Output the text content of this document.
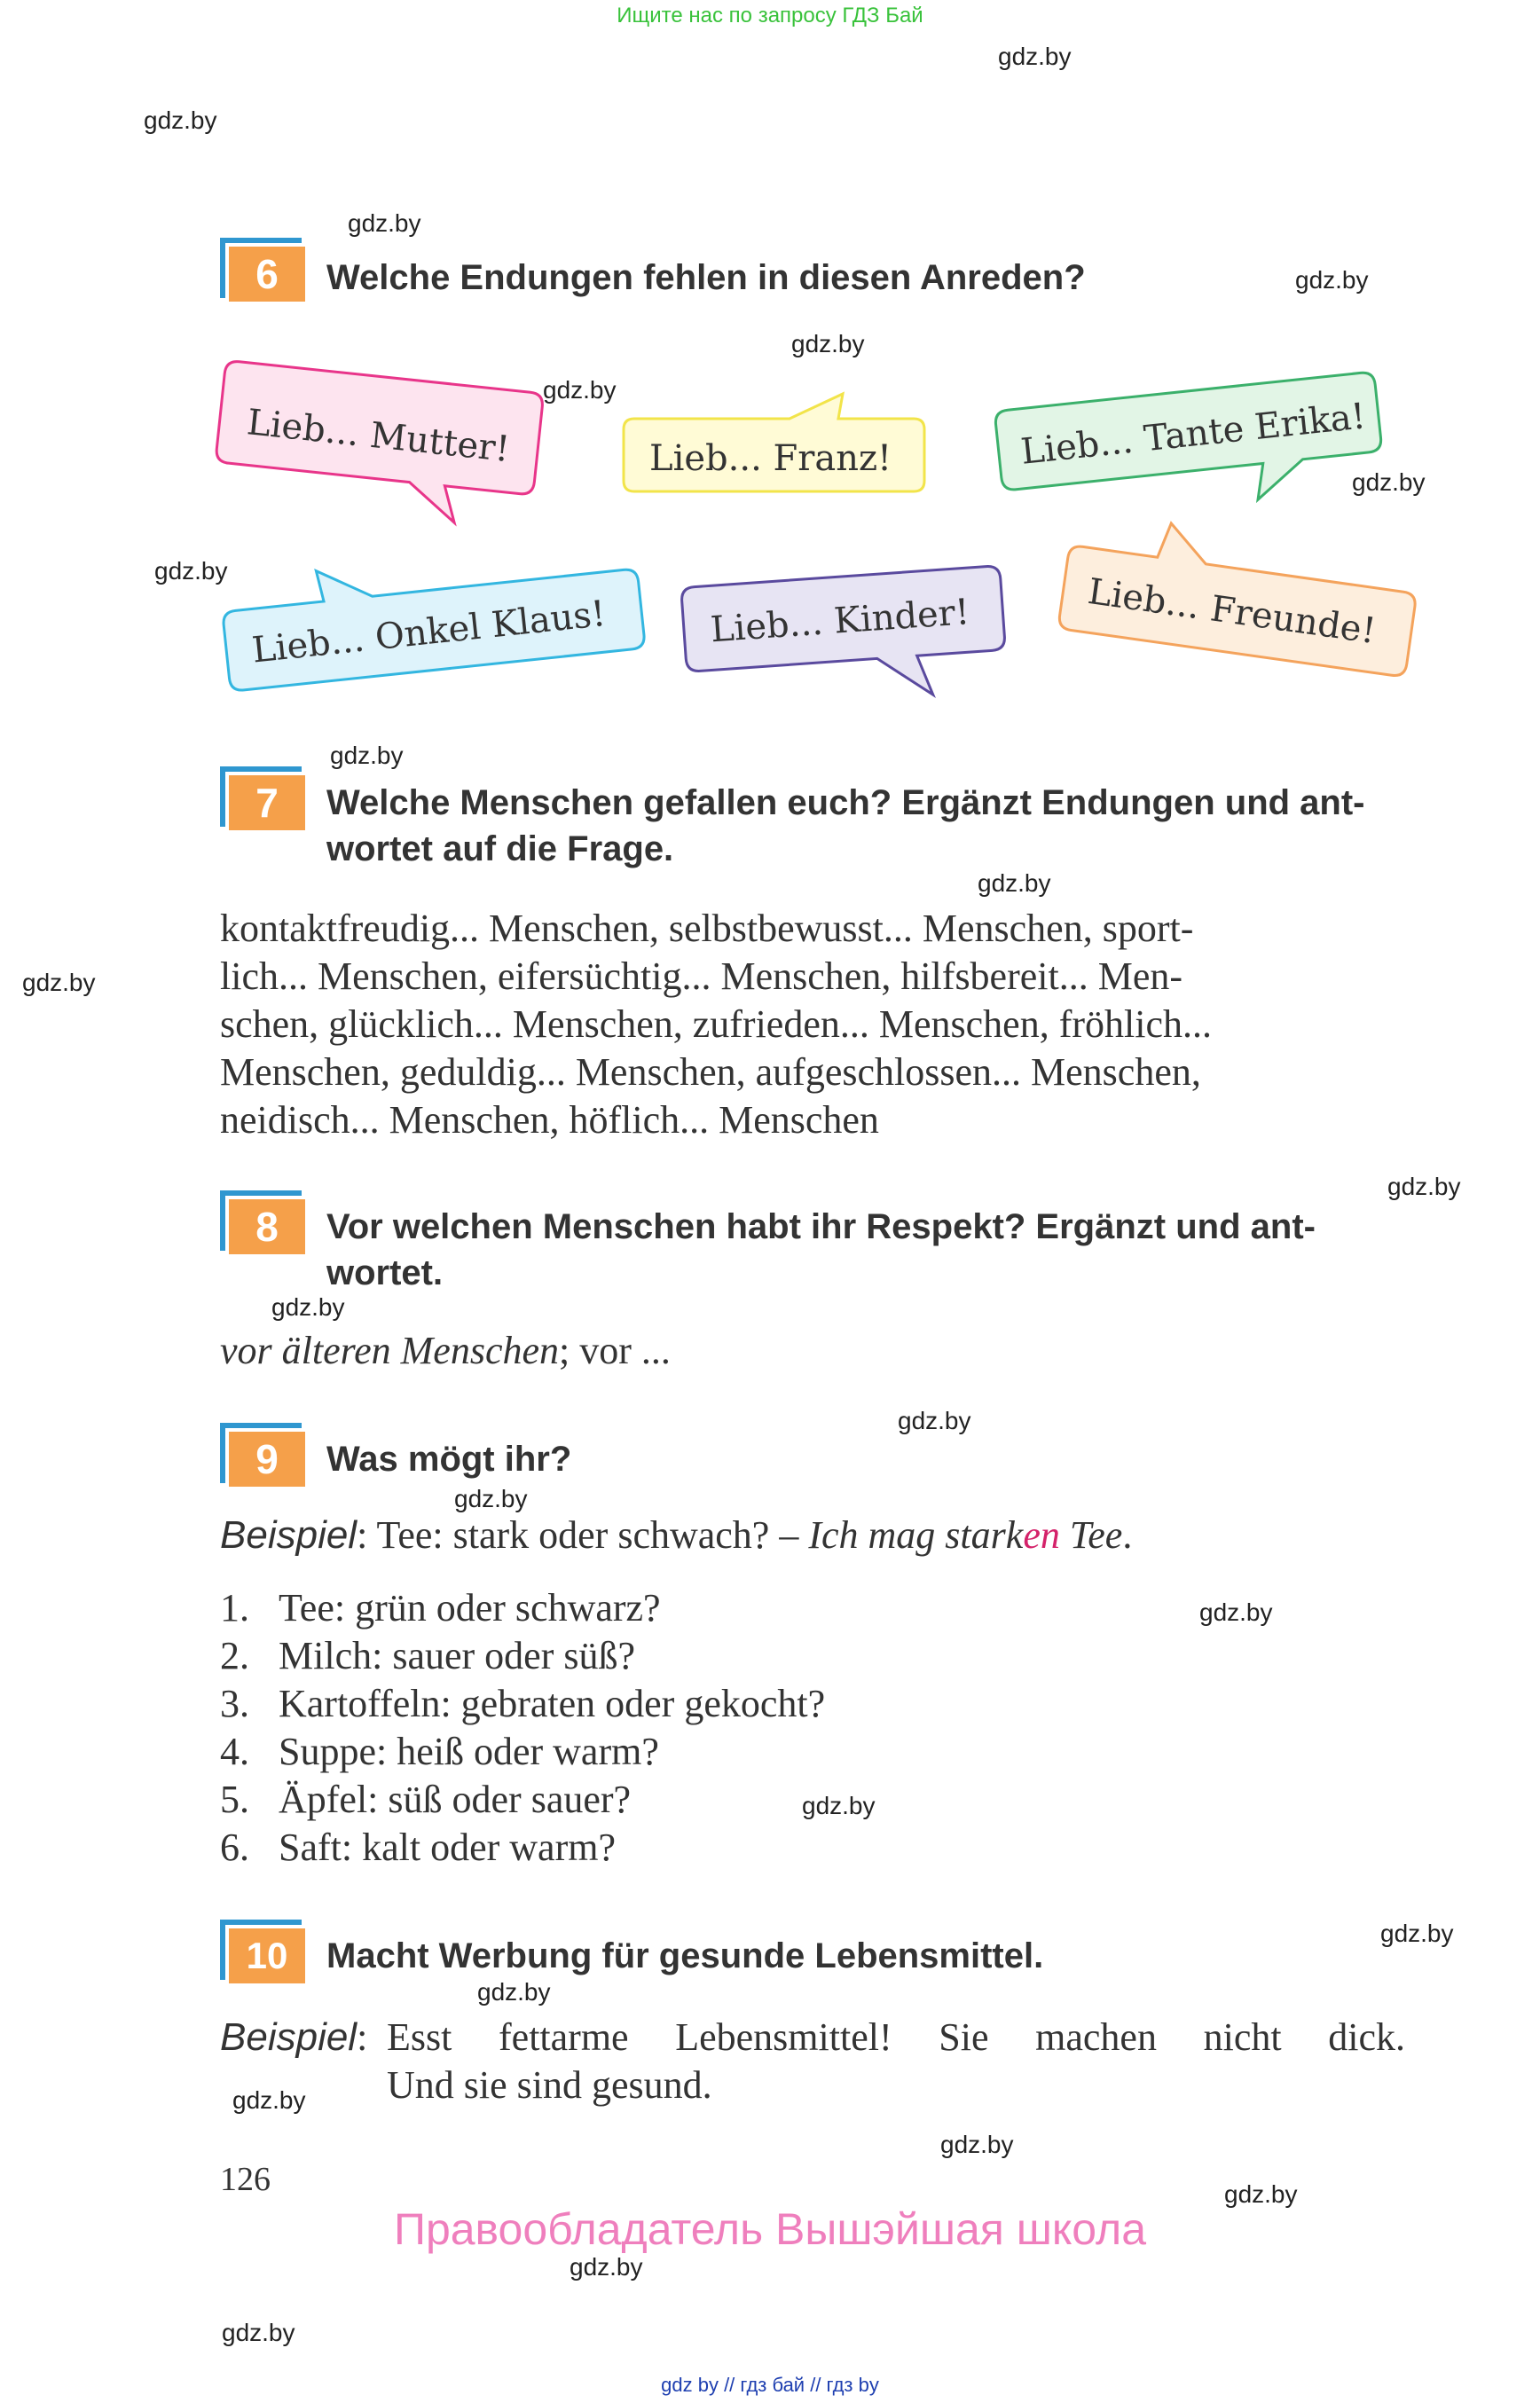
Ищите нас по запросу ГДЗ Бай
gdz.by
gdz.by
gdz.by
gdz.by
gdz.by
gdz.by
gdz.by
gdz.by
gdz.by
gdz.by
gdz.by
gdz.by
gdz.by
gdz.by
gdz.by
gdz.by
gdz.by
gdz.by
gdz.by
gdz.by
gdz.by
gdz.by
gdz.by
gdz.by
6	Welche Endungen fehlen in diesen Anreden?
Lieb... Mutter!	Lieb... Franz!	Lieb... Tante Erika!
Lieb... Onkel Klaus!	Lieb... Kinder!	Lieb... Freunde!
7	Welche Menschen gefallen euch? Ergänzt Endungen und ant-
wortet auf die Frage.
kontaktfreudig... Menschen, selbstbewusst... Menschen, sport-
lich... Menschen, eifersüchtig... Menschen, hilfsbereit... Men-
schen, glücklich... Menschen, zufrieden... Menschen, fröhlich...
Menschen, geduldig... Menschen, aufgeschlossen... Menschen,
neidisch... Menschen, höflich... Menschen
8	Vor welchen Menschen habt ihr Respekt? Ergänzt und ant-
wortet.
vor älteren Menschen; vor ...
9	Was mögt ihr?
Beispiel: Tee: stark oder schwach? – Ich mag starken Tee.
1. Tee: grün oder schwarz?
2. Milch: sauer oder süß?
3. Kartoffeln: gebraten oder gekocht?
4. Suppe: heiß oder warm?
5. Äpfel: süß oder sauer?
6. Saft: kalt oder warm?
10	Macht Werbung für gesunde Lebensmittel.
Beispiel: Esst fettarme Lebensmittel! Sie machen nicht dick.
Und sie sind gesund.
126
Правообладатель Вышэйшая школа
gdz by // гдз бай // гдз by
